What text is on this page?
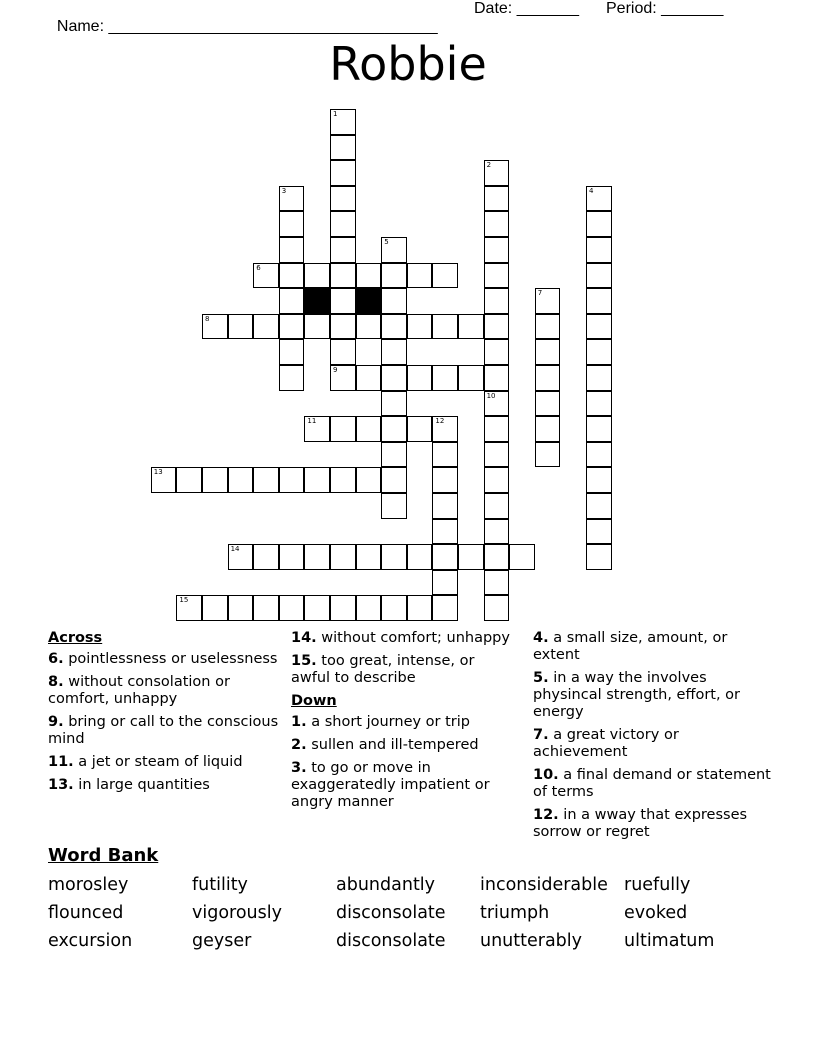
Name: _____________________________________

Date: _______

Period: _______

Robbie
1
2
10
3	4
5
7
6
8
9
11	12
13
14
15
Across
6. pointlessness or uselessness
8. without consolation or comfort, unhappy
9. bring or call to the conscious mind
11. a jet or steam of liquid
13. in large quantities
14. without comfort; unhappy
15. too great, intense, or awful to describe
Down
1. a short journey or trip
2. sullen and ill-tempered
3. to go or move in exaggeratedly impatient or angry manner
4. a small size, amount, or extent
5. in a way the involves physincal strength, effort, or energy
7. a great victory or achievement
10. a final demand or statement of terms
12. in a wway that expresses sorrow or regret
Word Bank
morosley	futility	abundantly	inconsiderable ruefully
flounced	vigorously	disconsolate triumph	evoked
excursion	geyser	disconsolate unutterably ultimatum
